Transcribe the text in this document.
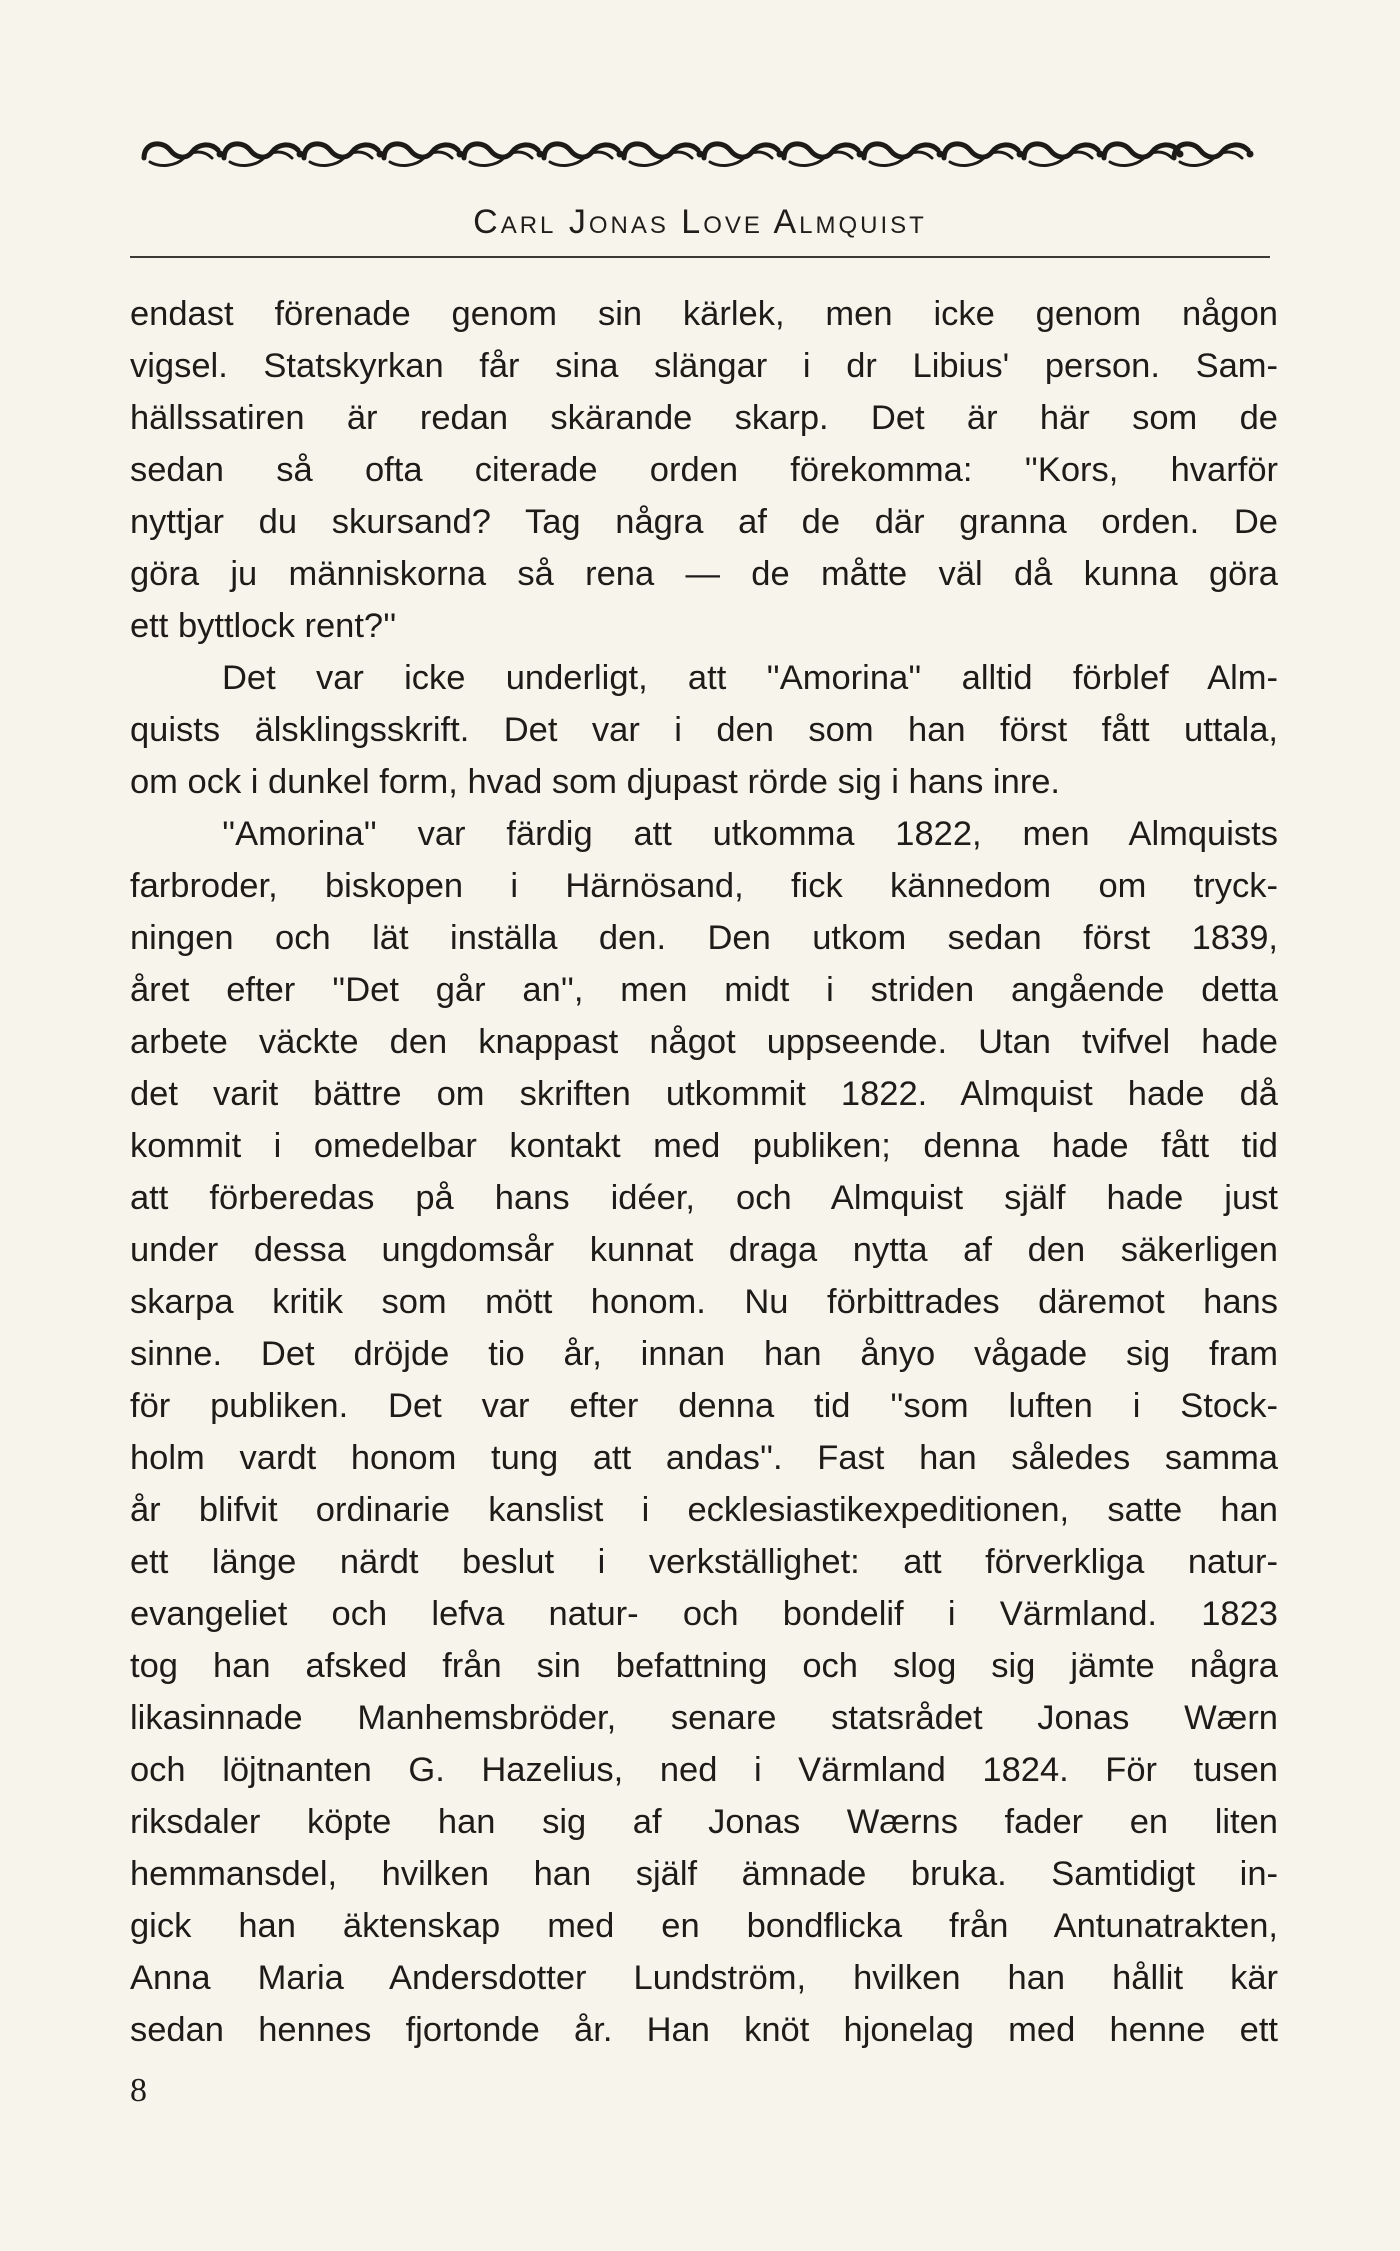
Carl Jonas Love Almquist
endast förenade genom sin kärlek, men icke genom någon
vigsel. Statskyrkan får sina slängar i dr Libius' person. Sam-
hällssatiren är redan skärande skarp. Det är här som de
sedan så ofta citerade orden förekomma: ''Kors, hvarför
nyttjar du skursand? Tag några af de där granna orden. De
göra ju människorna så rena — de måtte väl då kunna göra
ett byttlock rent?''
Det var icke underligt, att ''Amorina'' alltid förblef Alm-
quists älsklingsskrift. Det var i den som han först fått uttala,
om ock i dunkel form, hvad som djupast rörde sig i hans inre.
''Amorina'' var färdig att utkomma 1822, men Almquists
farbroder, biskopen i Härnösand, fick kännedom om tryck-
ningen och lät inställa den. Den utkom sedan först 1839,
året efter ''Det går an'', men midt i striden angående detta
arbete väckte den knappast något uppseende. Utan tvifvel hade
det varit bättre om skriften utkommit 1822. Almquist hade då
kommit i omedelbar kontakt med publiken; denna hade fått tid
att förberedas på hans idéer, och Almquist själf hade just
under dessa ungdomsår kunnat draga nytta af den säkerligen
skarpa kritik som mött honom. Nu förbittrades däremot hans
sinne. Det dröjde tio år, innan han ånyo vågade sig fram
för publiken. Det var efter denna tid ''som luften i Stock-
holm vardt honom tung att andas''. Fast han således samma
år blifvit ordinarie kanslist i ecklesiastikexpeditionen, satte han
ett länge närdt beslut i verkställighet: att förverkliga natur-
evangeliet och lefva natur- och bondelif i Värmland. 1823
tog han afsked från sin befattning och slog sig jämte några
likasinnade Manhemsbröder, senare statsrådet Jonas Wærn
och löjtnanten G. Hazelius, ned i Värmland 1824. För tusen
riksdaler köpte han sig af Jonas Wærns fader en liten
hemmansdel, hvilken han själf ämnade bruka. Samtidigt in-
gick han äktenskap med en bondflicka från Antunatrakten,
Anna Maria Andersdotter Lundström, hvilken han hållit kär
sedan hennes fjortonde år. Han knöt hjonelag med henne ett
8
